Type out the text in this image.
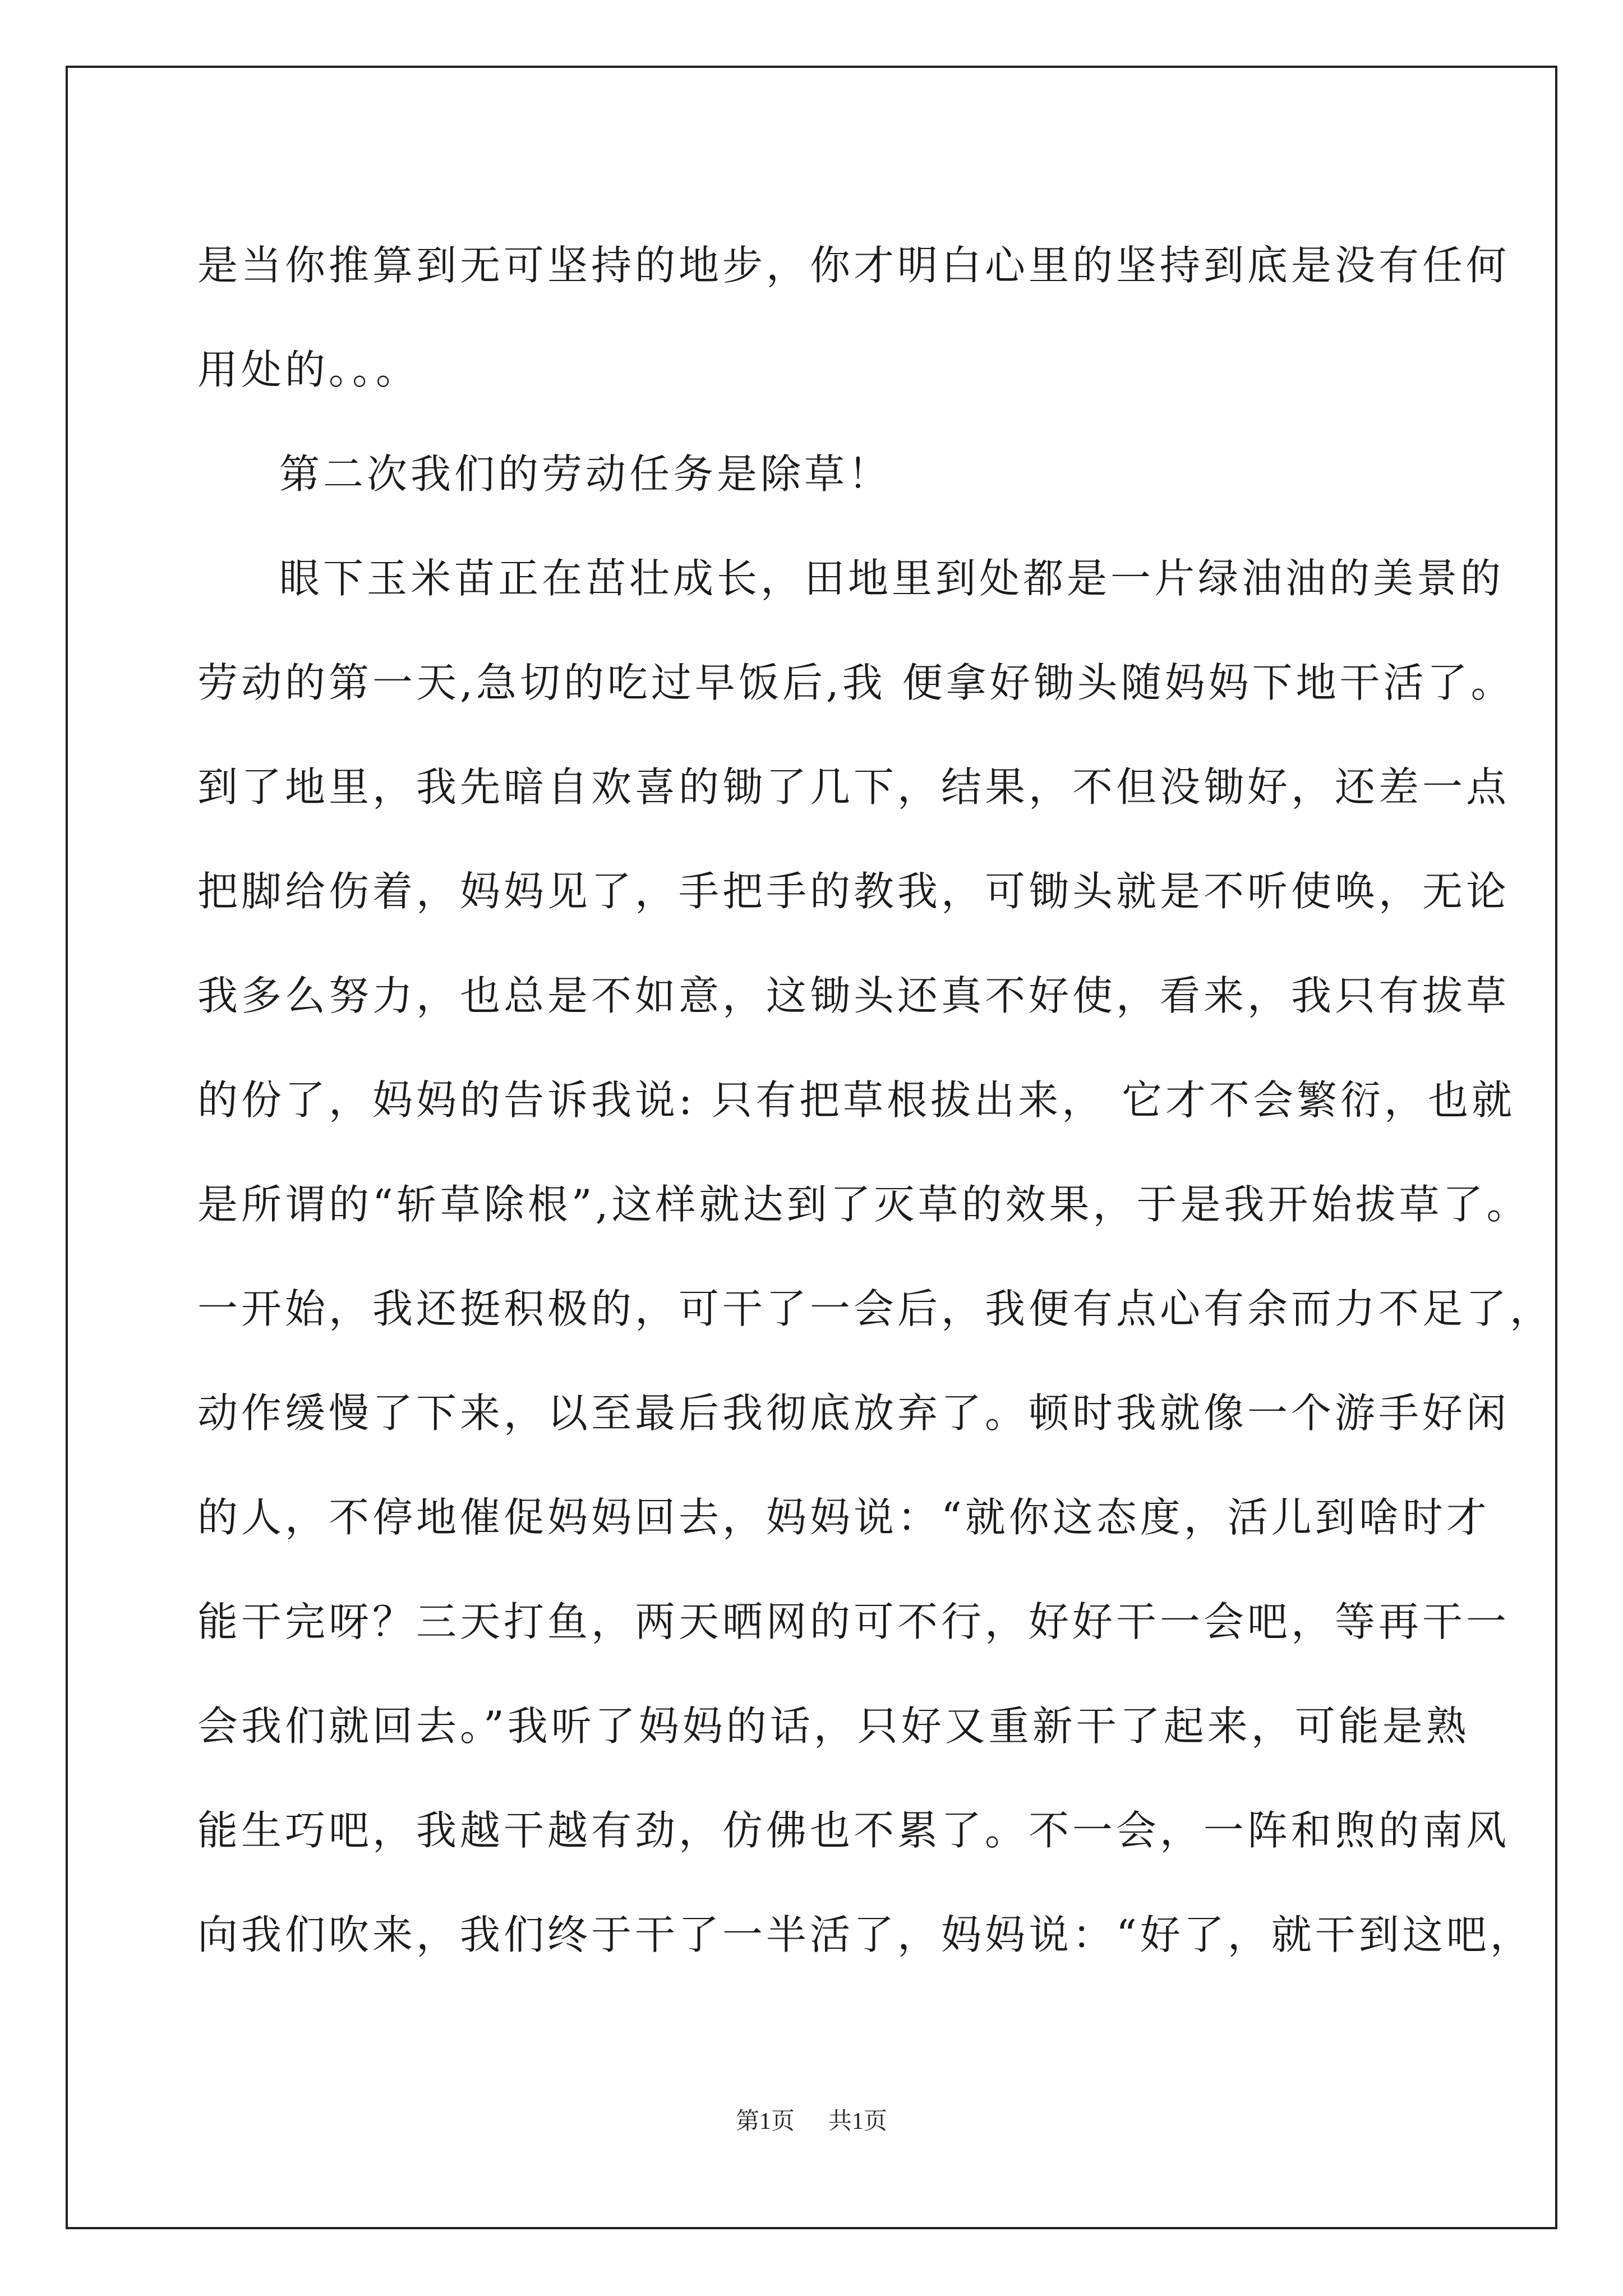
是当你推算到无可坚持的地步，你才明白心里的坚持到底是没有任何
用处的。。。
第二次我们的劳动任务是除草！
眼下玉米苗正在茁壮成长，田地里到处都是一片绿油油的美景的
劳动的第一天,急切的吃过早饭后,我 便拿好锄头随妈妈下地干活了。
到了地里，我先暗自欢喜的锄了几下，结果，不但没锄好，还差一点
把脚给伤着，妈妈见了，手把手的教我，可锄头就是不听使唤，无论
我多么努力，也总是不如意，这锄头还真不好使，看来，我只有拔草
的份了，妈妈的告诉我说: 只有把草根拔出来， 它才不会繁衍，也就
是所谓的“斩草除根”,这样就达到了灭草的效果，于是我开始拔草了。
一开始，我还挺积极的，可干了一会后，我便有点心有余而力不足了，
动作缓慢了下来，以至最后我彻底放弃了。顿时我就像一个游手好闲
的人，不停地催促妈妈回去，妈妈说：“就你这态度，活儿到啥时才
能干完呀？三天打鱼，两天晒网的可不行，好好干一会吧，等再干一
会我们就回去。”我听了妈妈的话，只好又重新干了起来，可能是熟
能生巧吧，我越干越有劲，仿佛也不累了。不一会，一阵和煦的南风
向我们吹来，我们终于干了一半活了，妈妈说：“好了，就干到这吧，
第1页 共1页
